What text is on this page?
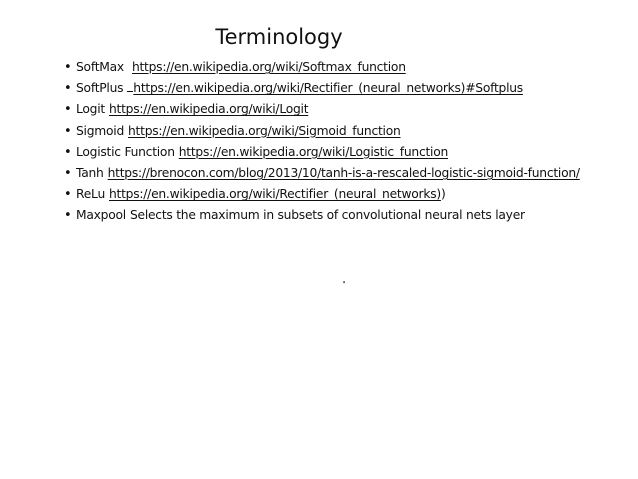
Terminology
• SoftMax https://en.wikipedia.org/wiki/Softmax_function
• SoftPlus https://en.wikipedia.org/wiki/Rectifier_(neural_networks)#Softplus
• Logit https://en.wikipedia.org/wiki/Logit
• Sigmoid https://en.wikipedia.org/wiki/Sigmoid_function
• Logistic Function https://en.wikipedia.org/wiki/Logistic_function
• Tanh https://brenocon.com/blog/2013/10/tanh-is-a-rescaled-logistic-sigmoid-function/
• ReLu https://en.wikipedia.org/wiki/Rectifier_(neural_networks))
• Maxpool Selects the maximum in subsets of convolutional neural nets layer
.
